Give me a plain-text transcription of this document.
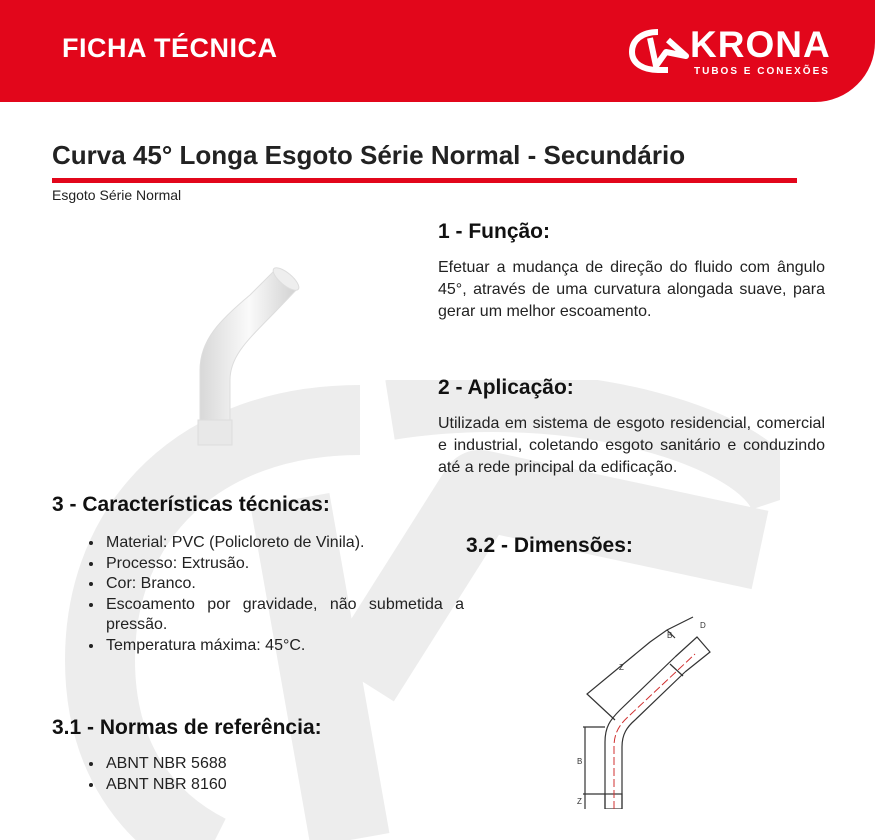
FICHA TÉCNICA	KRONA
TUBOS E CONEXÕES
Curva 45° Longa Esgoto Série Normal - Secundário
Esgoto Série Normal
1 - Função:
Efetuar a mudança de direção do fluido com ângulo 45°, através de uma curvatura alongada suave, para gerar um melhor escoamento.
2 - Aplicação:
Utilizada em sistema de esgoto residencial, comercial e industrial, coletando esgoto sanitário e conduzindo até a rede principal da edificação.
3 - Características técnicas:
• Material: PVC (Policloreto de Vinila).
• Processo: Extrusão.
• Cor: Branco.
• Escoamento por gravidade, não submetida a pressão.
• Temperatura máxima: 45°C.
3.1 - Normas de referência:
• ABNT NBR 5688
• ABNT NBR 8160
3.2 - Dimensões:
D
B
Z
B
Z
